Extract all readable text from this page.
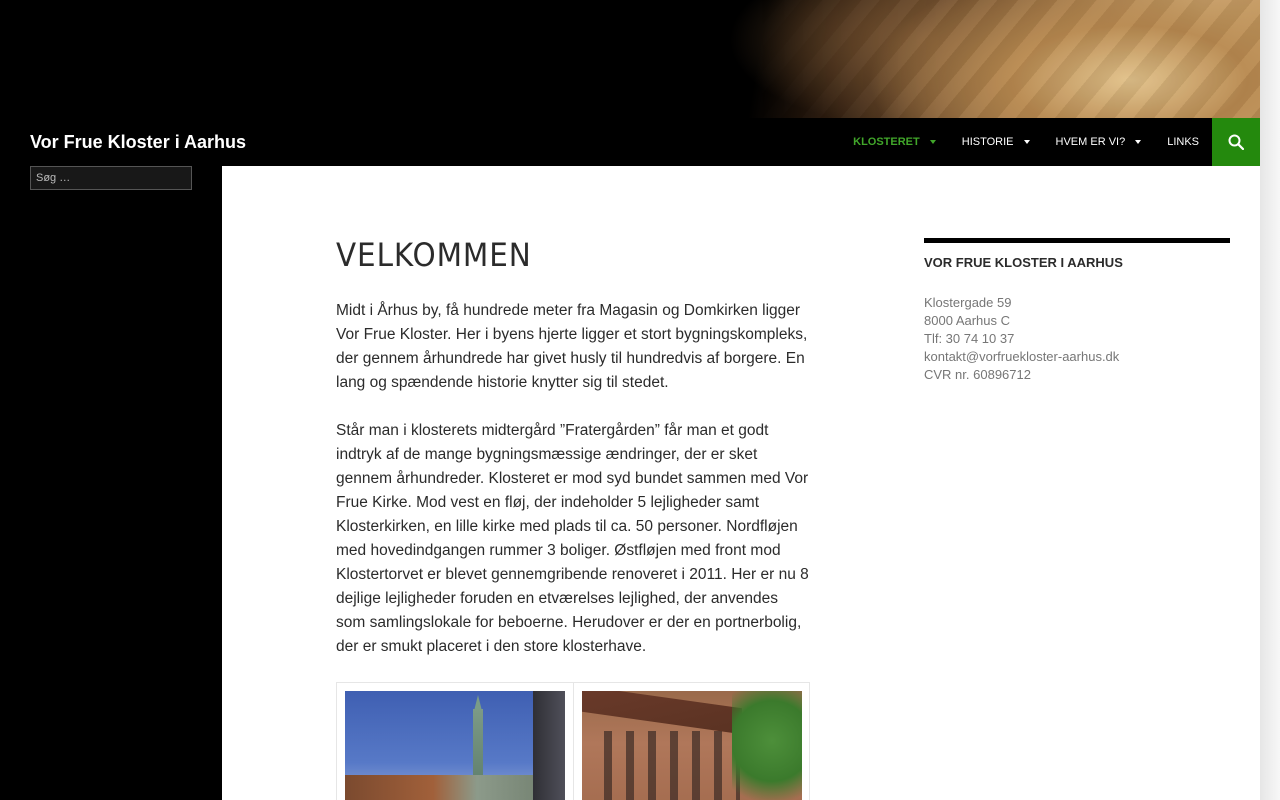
Vor Frue Kloster i Aarhus	KLOSTERET	HISTORIE	HVEM ER VI?	LINKS
Søg …
VELKOMMEN

Midt i Århus by, få hundrede meter fra Magasin og Domkirken ligger Vor Frue Kloster. Her i byens hjerte ligger et stort bygningskompleks, der gennem århundrede har givet husly til hundredvis af borgere. En lang og spændende historie knytter sig til stedet.

Står man i klosterets midtergård ”Fratergården” får man et godt indtryk af de mange bygningsmæssige ændringer, der er sket gennem århundreder. Klosteret er mod syd bundet sammen med Vor Frue Kirke. Mod vest en fløj, der indeholder 5 lejligheder samt Klosterkirken, en lille kirke med plads til ca. 50 personer. Nordfløjen med hovedindgangen rummer 3 boliger. Østfløjen med front mod Klostertorvet er blevet gennemgribende renoveret i 2011. Her er nu 8 dejlige lejligheder foruden en etværelses lejlighed, der anvendes som samlingslokale for beboerne. Herudover er der en portnerbolig, der er smukt placeret i den store klosterhave.

VOR FRUE KLOSTER I AARHUS
Klostergade 59
8000 Aarhus C
Tlf: 30 74 10 37
kontakt@vorfruekloster-aarhus.dk
CVR nr. 60896712
